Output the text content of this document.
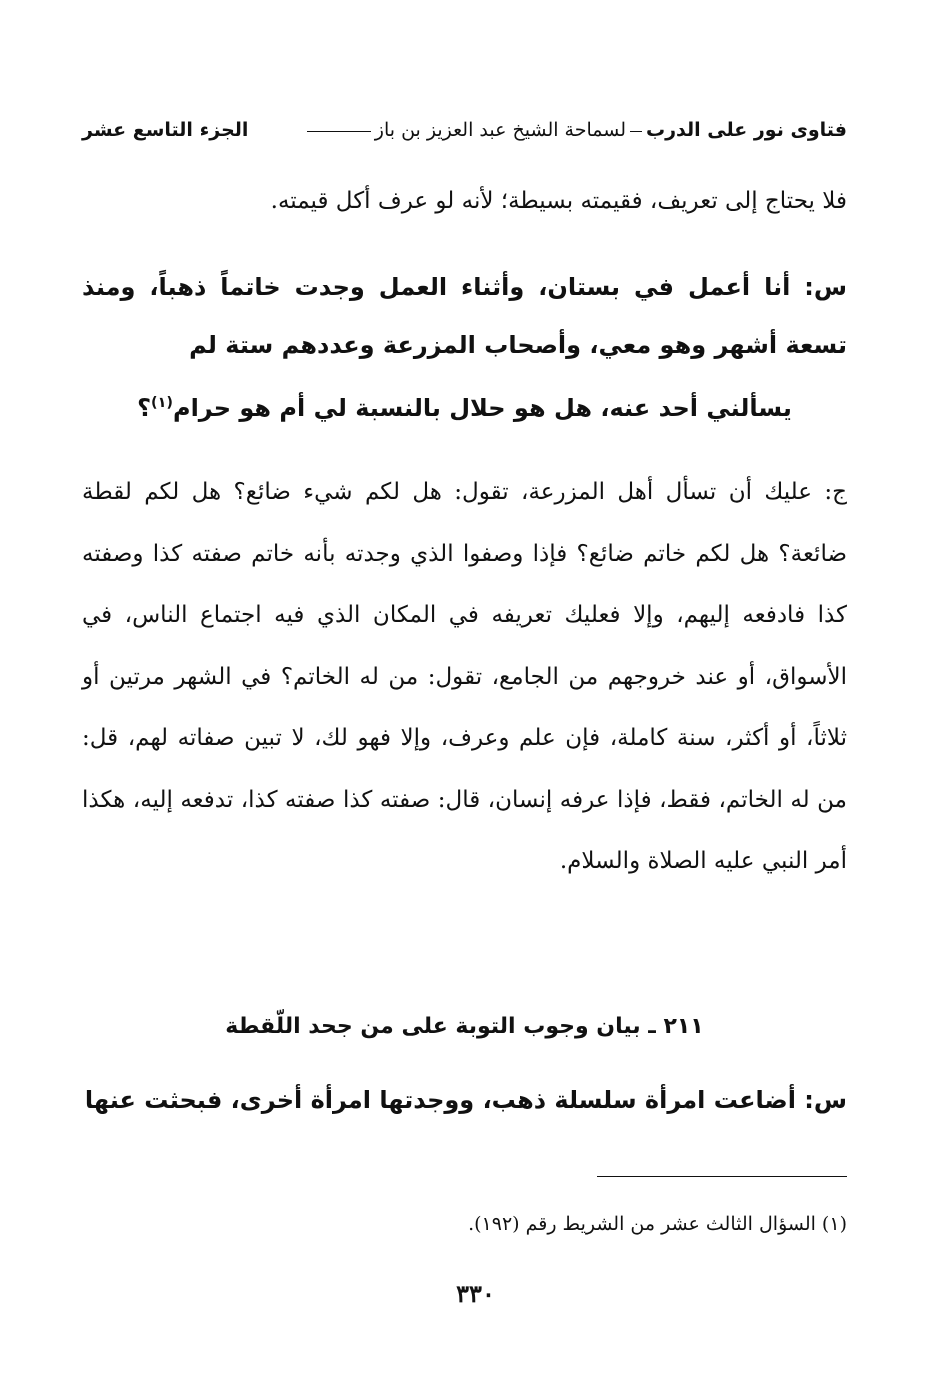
فتاوى نور على الدربلسماحة الشيخ عبد العزيز بن باز
الجزء التاسع عشر

فلا يحتاج إلى تعريف، فقيمته بسيطة؛ لأنه لو عرف أكل قيمته.

س: أنا أعمل في بستان، وأثناء العمل وجدت خاتماً ذهباً، ومنذ تسعة أشهر وهو معي، وأصحاب المزرعة وعددهم ستة لم
يسألني أحد عنه، هل هو حلال بالنسبة لي أم هو حرام$^{(١)}$؟

ج: عليك أن تسأل أهل المزرعة، تقول: هل لكم شيء ضائع؟ هل لكم لقطة ضائعة؟ هل لكم خاتم ضائع؟ فإذا وصفوا الذي وجدته بأنه خاتم صفته كذا وصفته كذا فادفعه إليهم، وإلا فعليك تعريفه في المكان الذي فيه اجتماع الناس، في الأسواق، أو عند خروجهم من الجامع، تقول: من له الخاتم؟ في الشهر مرتين أو ثلاثاً، أو أكثر، سنة كاملة، فإن علم وعرف، وإلا فهو لك، لا تبين صفاته لهم، قل: من له الخاتم، فقط، فإذا عرفه إنسان، قال: صفته كذا صفته كذا، تدفعه إليه، هكذا أمر النبي عليه الصلاة والسلام.

٢١١ ـ بيان وجوب التوبة على من جحد اللّقطة

س: أضاعت امرأة سلسلة ذهب، ووجدتها امرأة أخرى، فبحثت عنها

(١) السؤال الثالث عشر من الشريط رقم (١٩٢).
٣٣٠
